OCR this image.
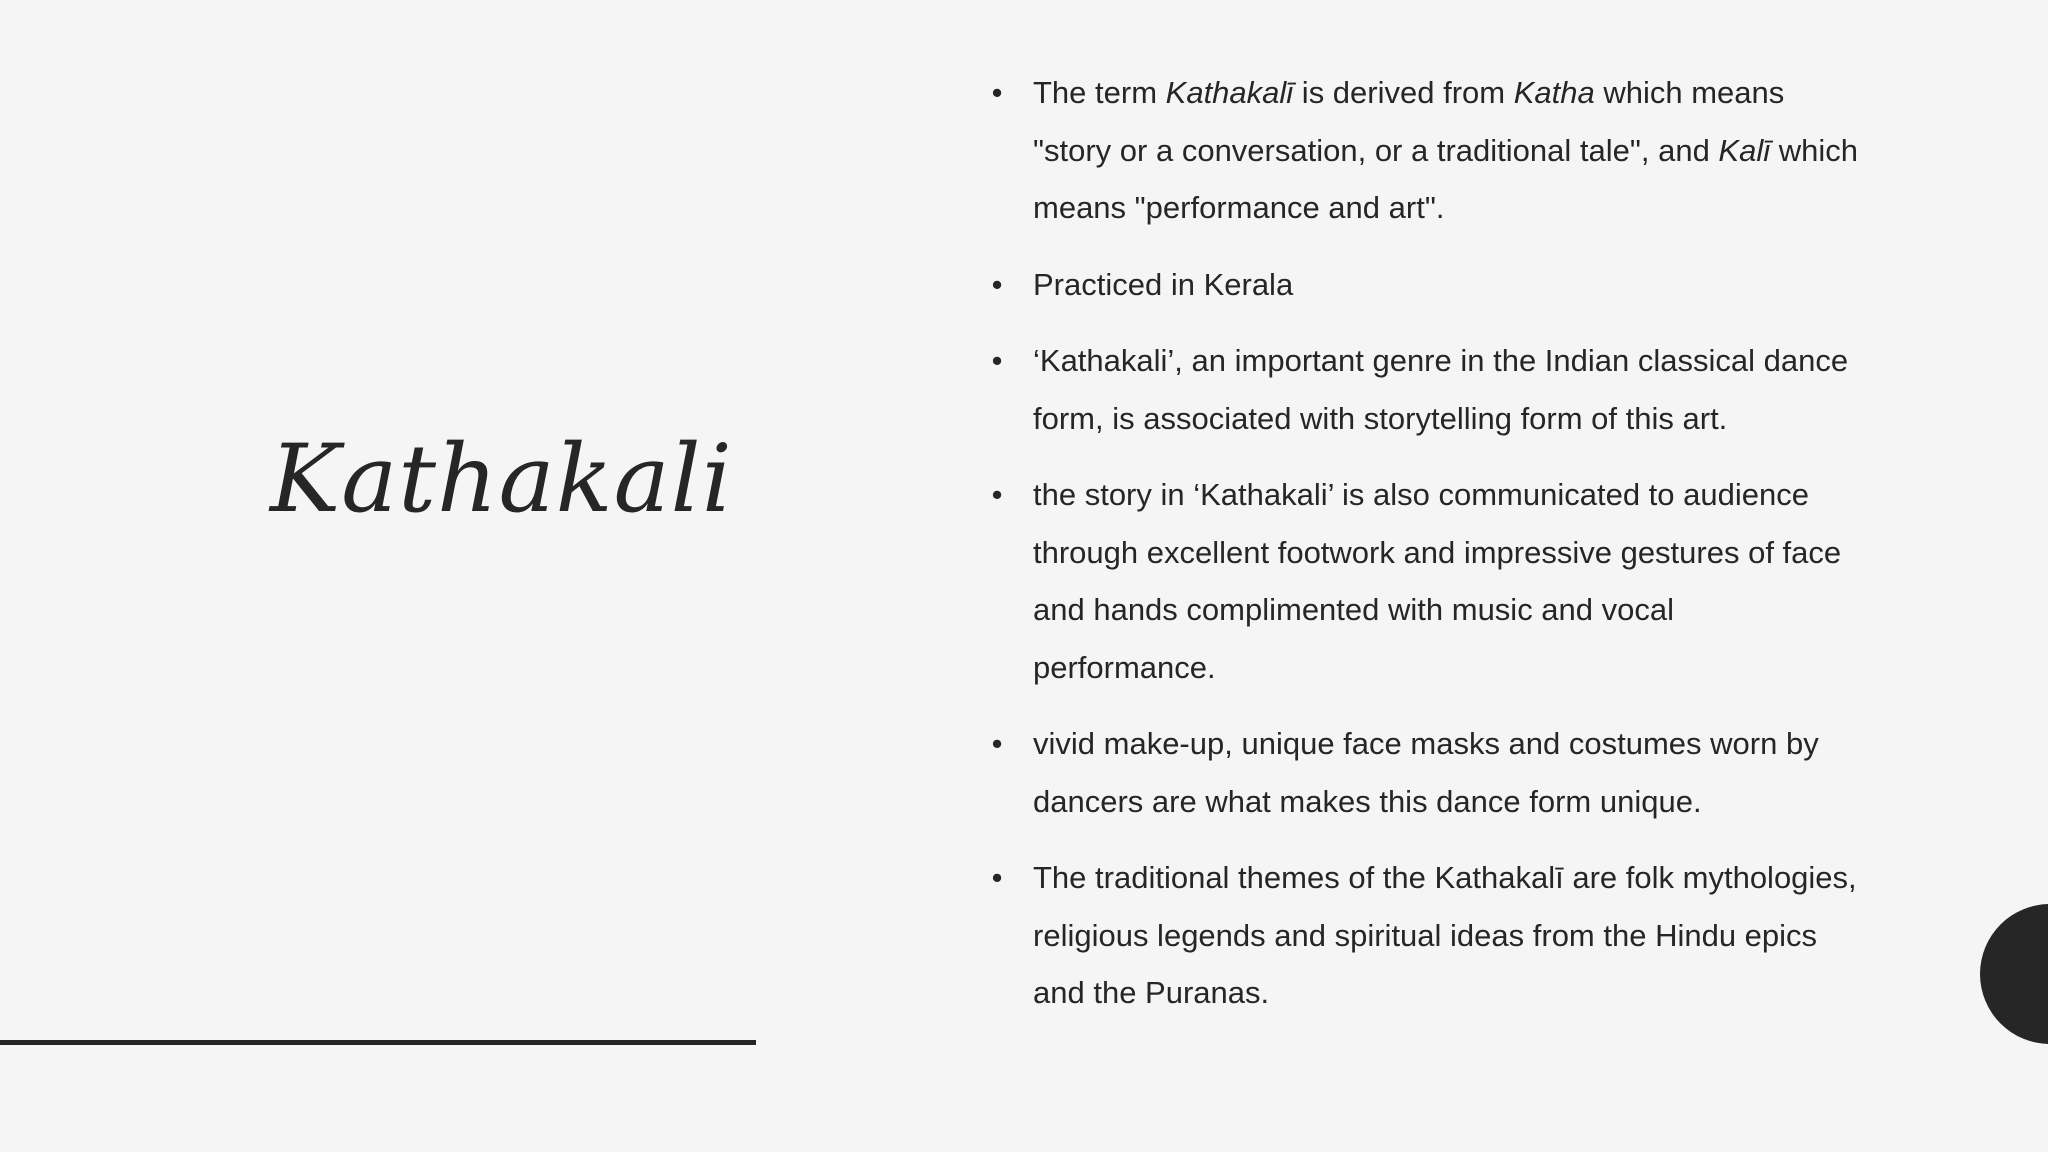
Kathakali
• The term Kathakalī is derived from Katha which means "story or a conversation, or a traditional tale", and Kalī which means "performance and art".
• Practiced in Kerala
• ‘Kathakali’, an important genre in the Indian classical dance form, is associated with storytelling form of this art.
• the story in ‘Kathakali’ is also communicated to audience through excellent footwork and impressive gestures of face and hands complimented with music and vocal performance.
• vivid make-up, unique face masks and costumes worn by dancers are what makes this dance form unique.
• The traditional themes of the Kathakalī are folk mythologies, religious legends and spiritual ideas from the Hindu epics and the Puranas.
